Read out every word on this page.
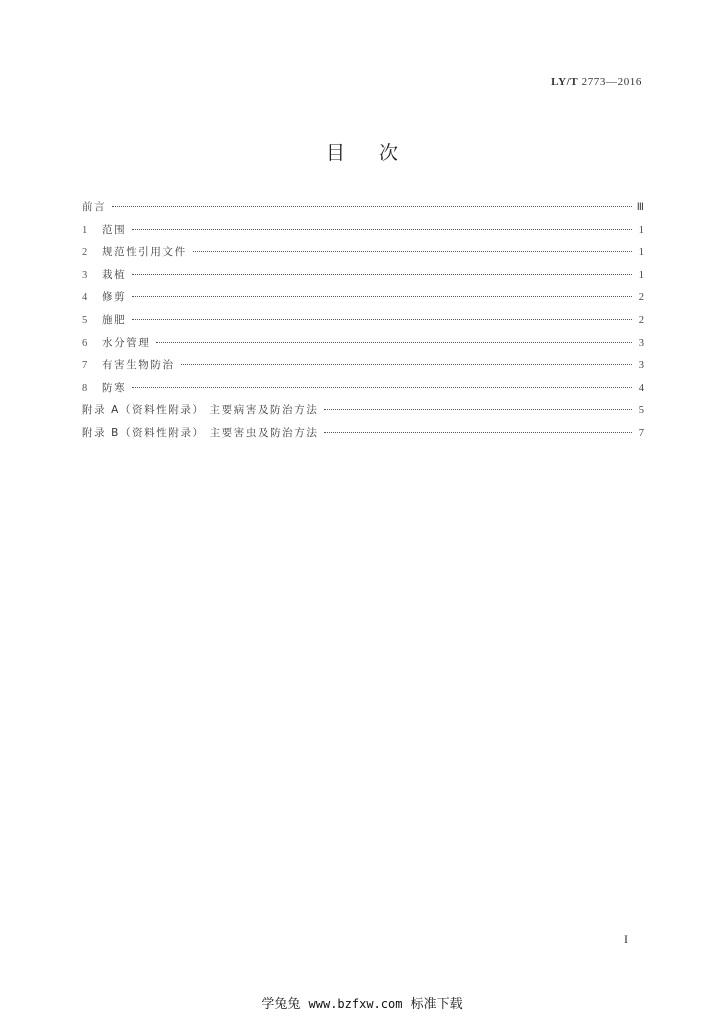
LY/T 2773—2016
目次
前言	Ⅲ
1	范围	1
2	规范性引用文件	1
3	栽植	1
4	修剪	2
5	施肥	2
6	水分管理	3
7	有害生物防治	3
8	防寒	4
附录 A（资料性附录） 主要病害及防治方法	5
附录 B（资料性附录） 主要害虫及防治方法	7
I
学兔兔 www.bzfxw.com 标准下载
